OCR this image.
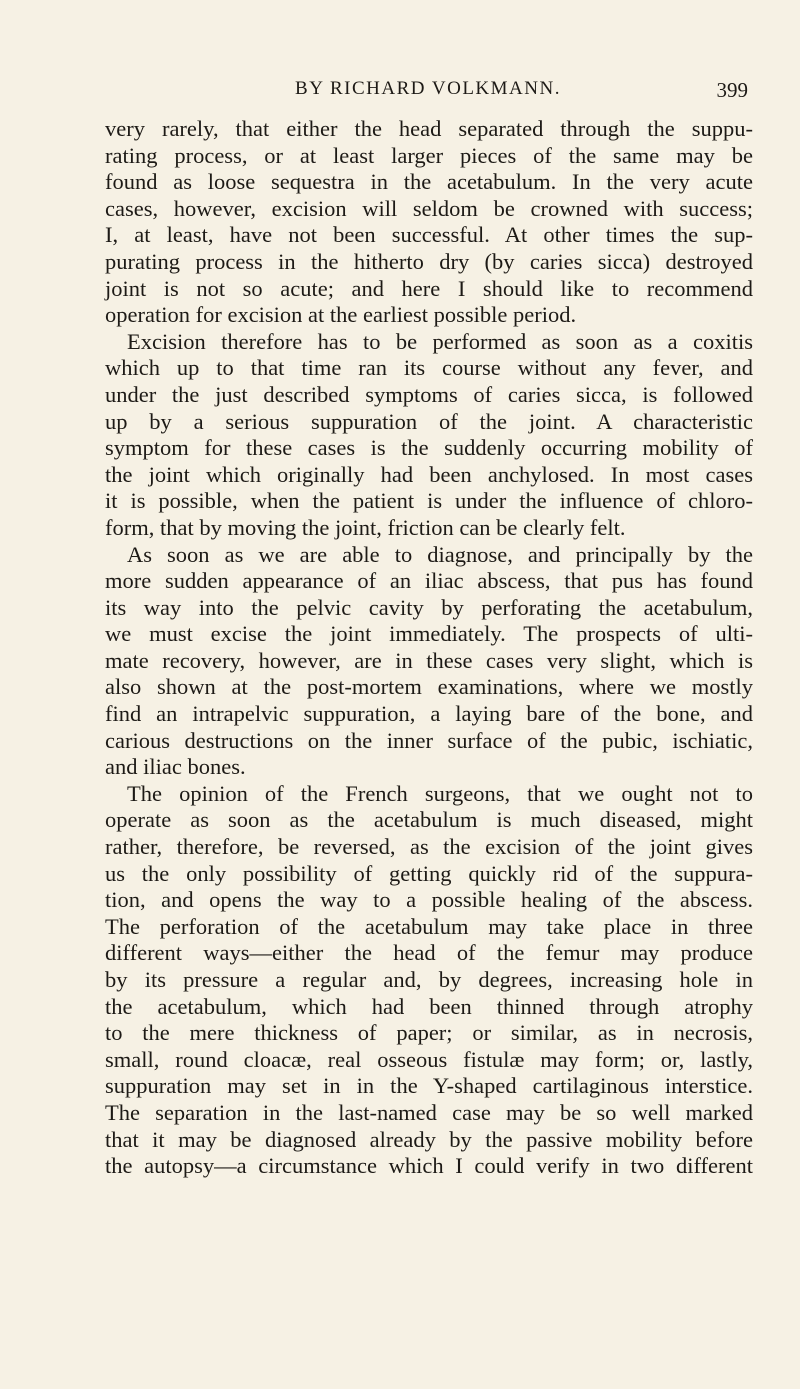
BY RICHARD VOLKMANN.	399
very rarely, that either the head separated through the suppu-
rating process, or at least larger pieces of the same may be
found as loose sequestra in the acetabulum. In the very acute
cases, however, excision will seldom be crowned with success;
I, at least, have not been successful. At other times the sup-
purating process in the hitherto dry (by caries sicca) destroyed
joint is not so acute; and here I should like to recommend
operation for excision at the earliest possible period.
Excision therefore has to be performed as soon as a coxitis
which up to that time ran its course without any fever, and
under the just described symptoms of caries sicca, is followed
up by a serious suppuration of the joint. A characteristic
symptom for these cases is the suddenly occurring mobility of
the joint which originally had been anchylosed. In most cases
it is possible, when the patient is under the influence of chloro-
form, that by moving the joint, friction can be clearly felt.
As soon as we are able to diagnose, and principally by the
more sudden appearance of an iliac abscess, that pus has found
its way into the pelvic cavity by perforating the acetabulum,
we must excise the joint immediately. The prospects of ulti-
mate recovery, however, are in these cases very slight, which is
also shown at the post-mortem examinations, where we mostly
find an intrapelvic suppuration, a laying bare of the bone, and
carious destructions on the inner surface of the pubic, ischiatic,
and iliac bones.
The opinion of the French surgeons, that we ought not to
operate as soon as the acetabulum is much diseased, might
rather, therefore, be reversed, as the excision of the joint gives
us the only possibility of getting quickly rid of the suppura-
tion, and opens the way to a possible healing of the abscess.
The perforation of the acetabulum may take place in three
different ways—either the head of the femur may produce
by its pressure a regular and, by degrees, increasing hole in
the acetabulum, which had been thinned through atrophy
to the mere thickness of paper; or similar, as in necrosis,
small, round cloacæ, real osseous fistulæ may form; or, lastly,
suppuration may set in in the Y-shaped cartilaginous interstice.
The separation in the last-named case may be so well marked
that it may be diagnosed already by the passive mobility before
the autopsy—a circumstance which I could verify in two different
